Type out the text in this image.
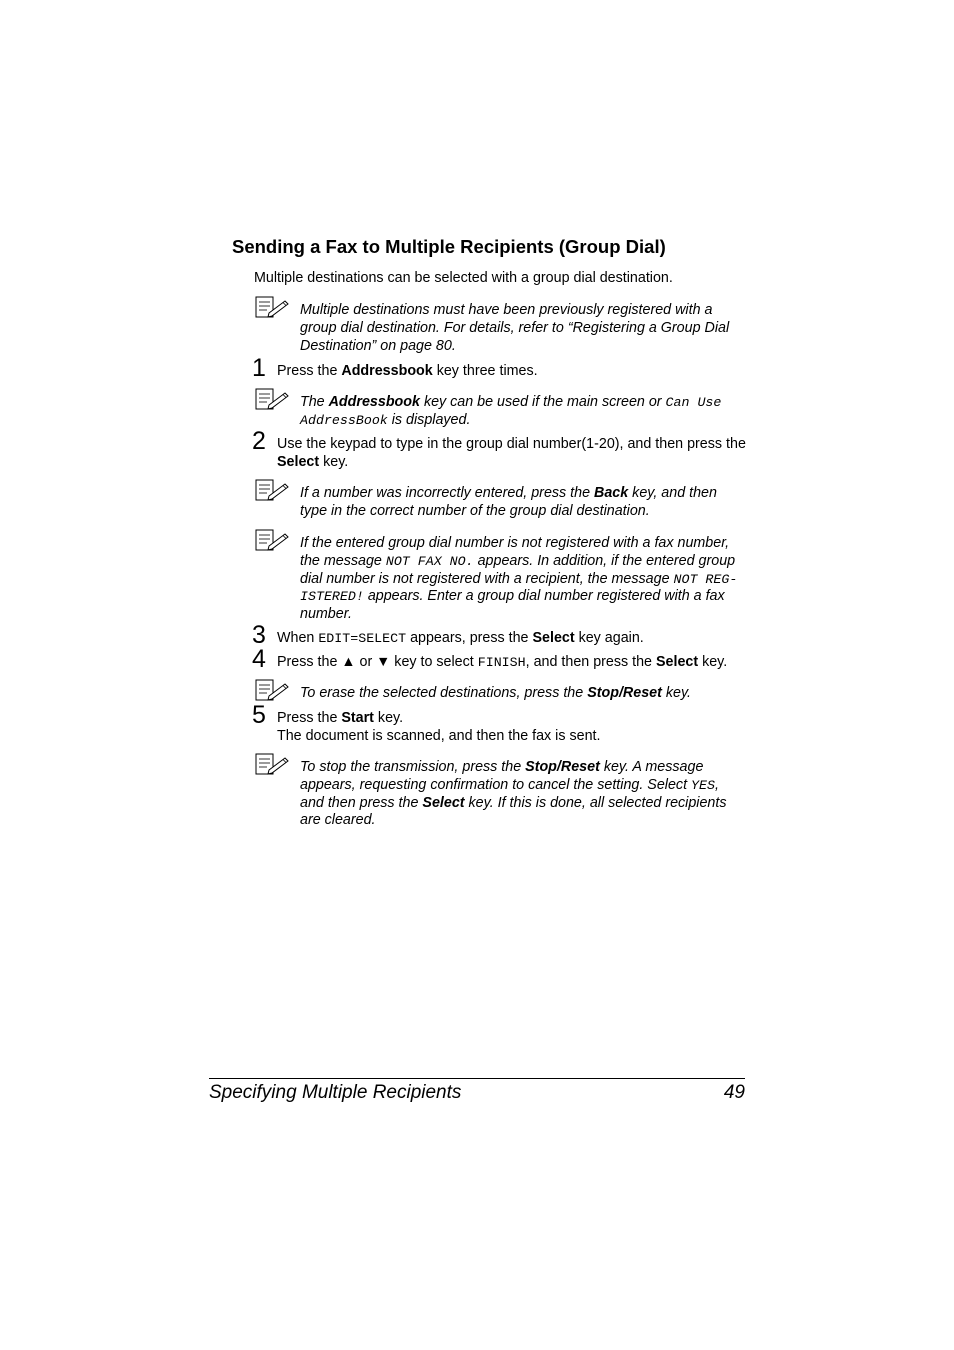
Sending a Fax to Multiple Recipients (Group Dial)
Multiple destinations can be selected with a group dial destination.
Multiple destinations must have been previously registered with a group dial destination. For details, refer to “Registering a Group Dial Destination” on page 80.
1 Press the Addressbook key three times.
The Addressbook key can be used if the main screen or Can Use AddressBook is displayed.
2 Use the keypad to type in the group dial number(1-20), and then press the Select key.
If a number was incorrectly entered, press the Back key, and then type in the correct number of the group dial destination.
If the entered group dial number is not registered with a fax number, the message NOT FAX NO. appears. In addition, if the entered group dial number is not registered with a recipient, the message NOT REG-ISTERED! appears. Enter a group dial number registered with a fax number.
3 When EDIT=SELECT appears, press the Select key again.
4 Press the ▲ or ▼ key to select FINISH, and then press the Select key.
To erase the selected destinations, press the Stop/Reset key.
5 Press the Start key.
The document is scanned, and then the fax is sent.
To stop the transmission, press the Stop/Reset key. A message appears, requesting confirmation to cancel the setting. Select YES, and then press the Select key. If this is done, all selected recipients are cleared.
Specifying Multiple Recipients	49
